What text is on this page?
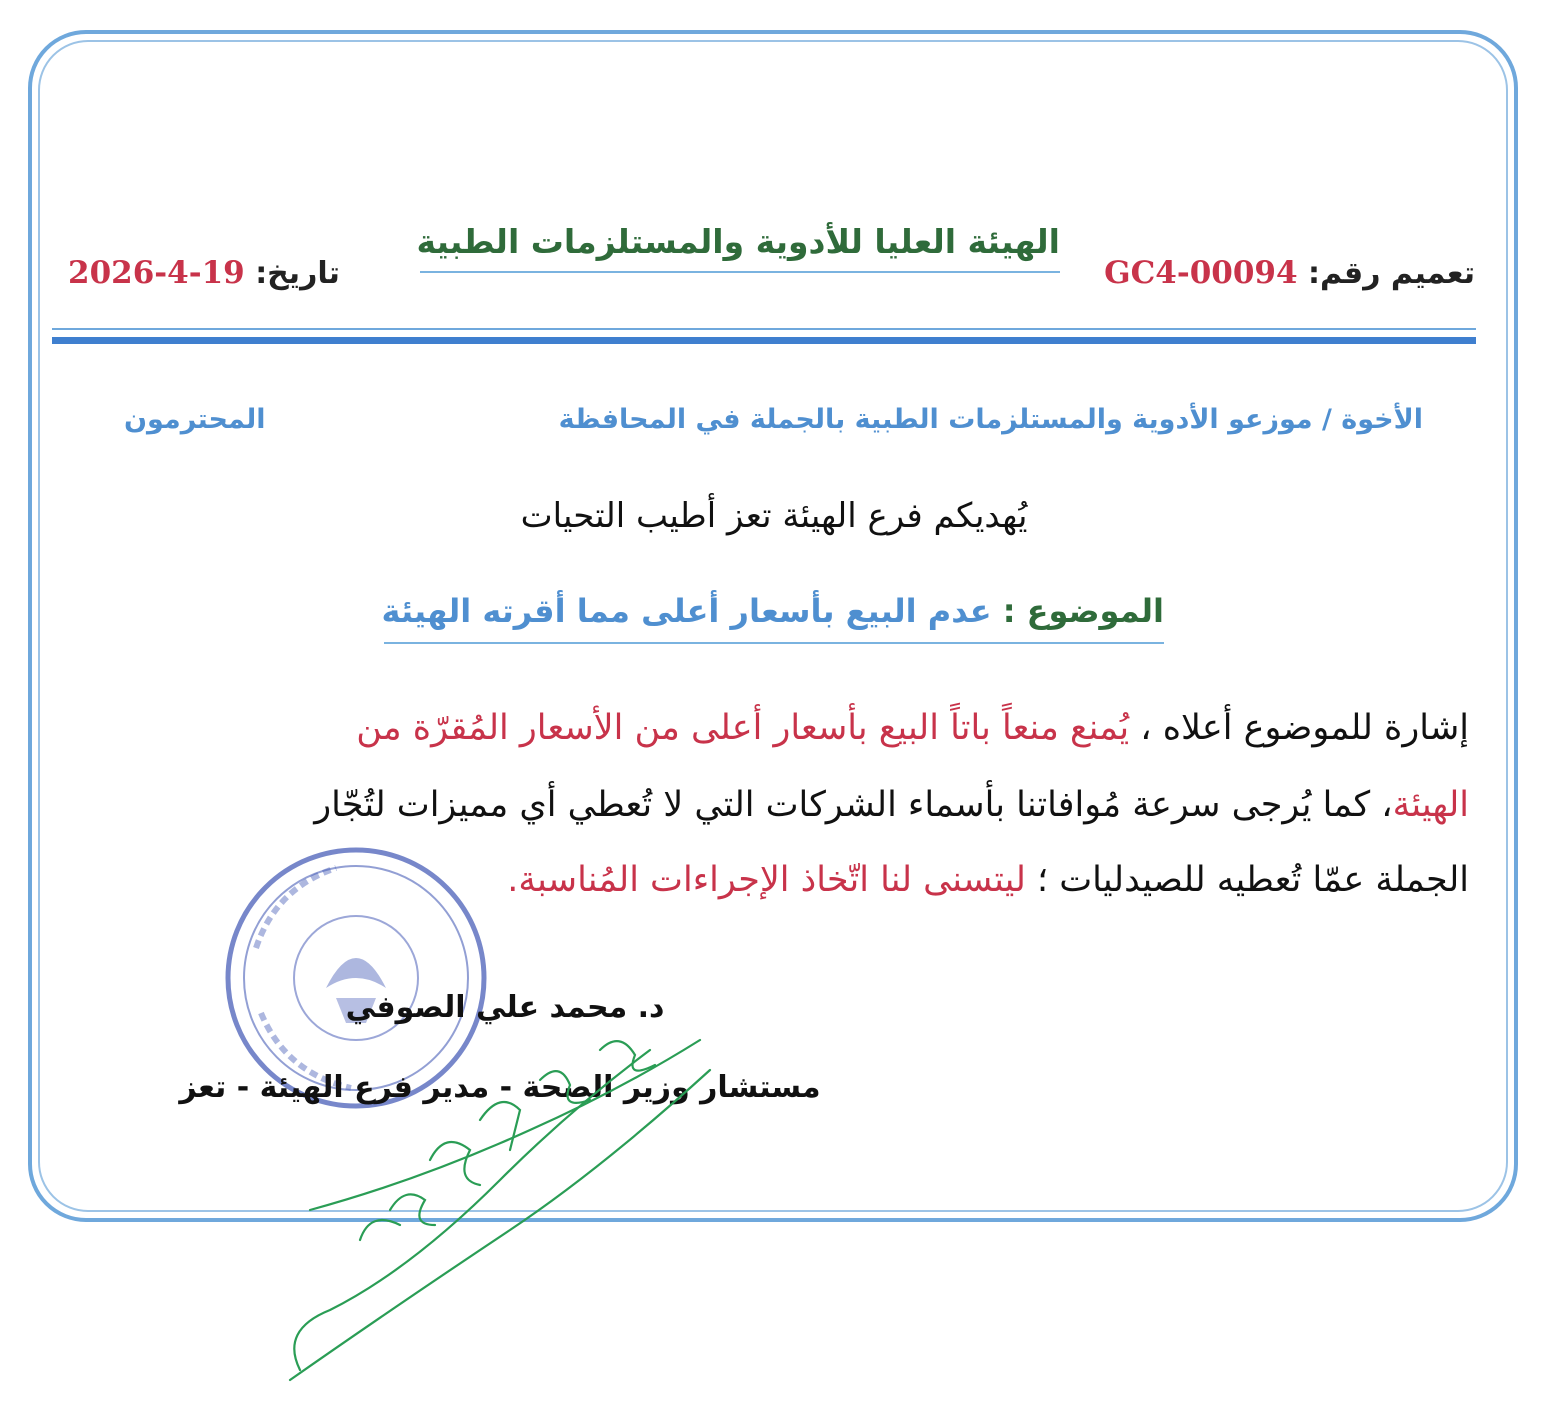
تعميم رقم: GC4-00094
الهيئة العليا للأدوية والمستلزمات الطبية
تاريخ: 2026-4-19
الأخوة / موزعو الأدوية والمستلزمات الطبية بالجملة في المحافظة
المحترمون
يُهديكم فرع الهيئة تعز أطيب التحيات
الموضوع : عدم البيع بأسعار أعلى مما أقرته الهيئة
إشارة للموضوع أعلاه ، يُمنع منعاً باتاً البيع بأسعار أعلى من الأسعار المُقرّة من
الهيئة، كما يُرجى سرعة مُوافاتنا بأسماء الشركات التي لا تُعطي أي مميزات لتُجّار
الجملة عمّا تُعطيه للصيدليات ؛ ليتسنى لنا اتّخاذ الإجراءات المُناسبة.
د. محمد علي الصوفي
مستشار وزير الصحة - مدير فرع الهيئة - تعز
